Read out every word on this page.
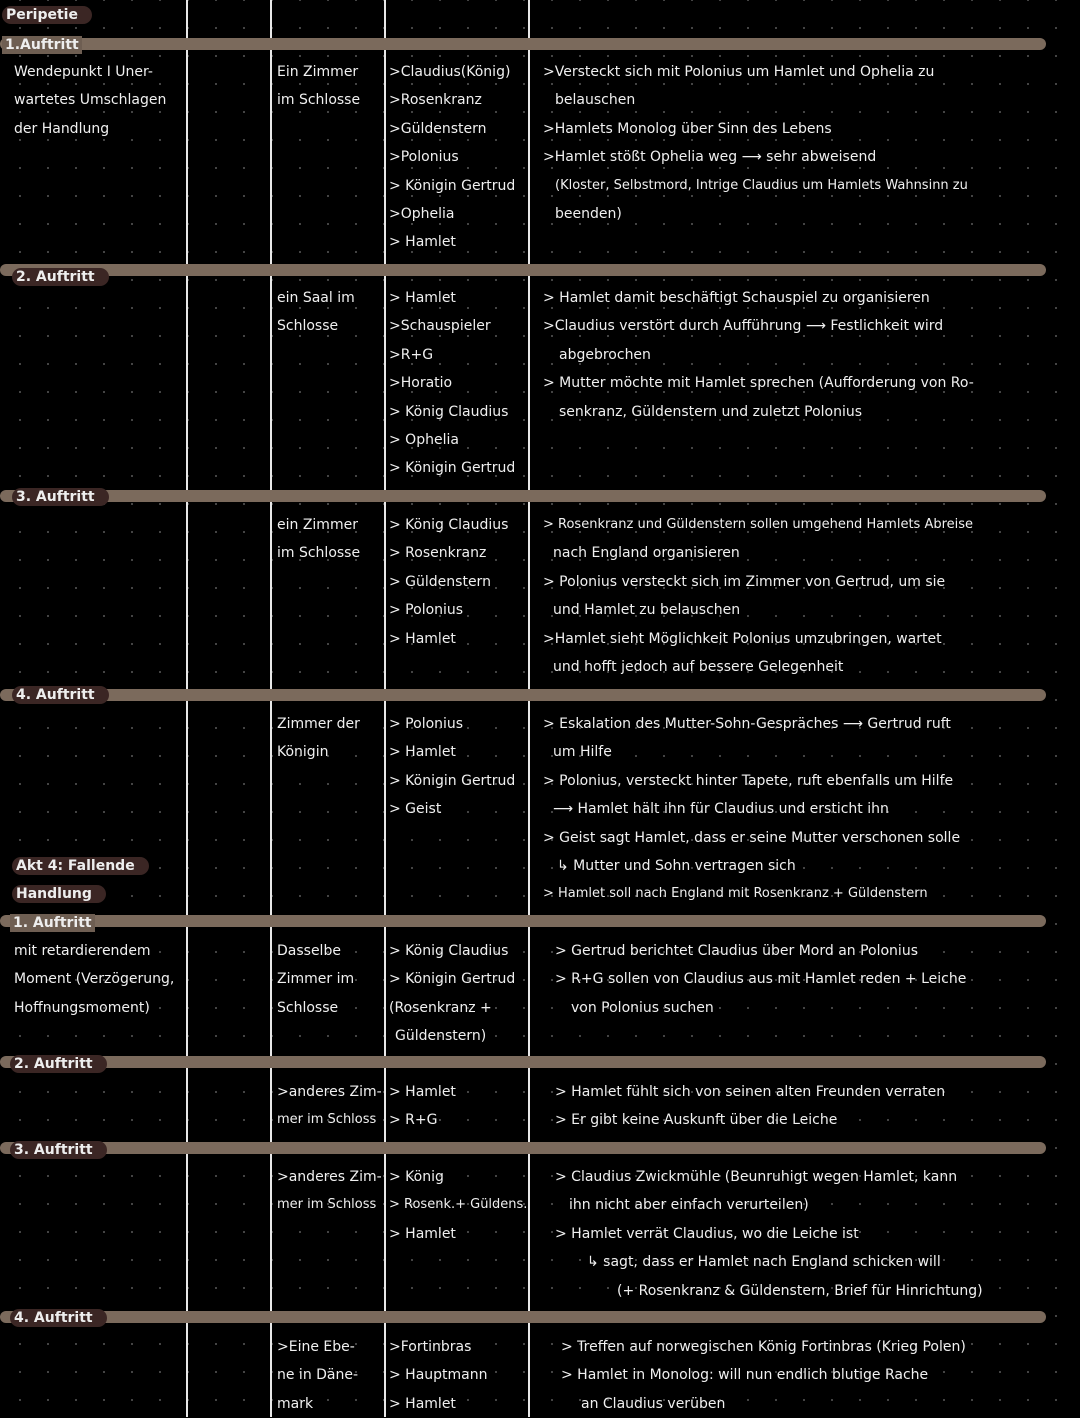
Peripetie
1.Auftritt
2. Auftritt
3. Auftritt
4. Auftritt
1. Auftritt
2. Auftritt
3. Auftritt
4. Auftritt
Akt 4: Fallende
Handlung
Wendepunkt I Uner-
wartetes Umschlagen
der Handlung
Ein Zimmer
im Schlosse
>Claudius(König)
>Rosenkranz
>Güldenstern
>Polonius
> Königin Gertrud
>Ophelia
> Hamlet
>Versteckt sich mit Polonius um Hamlet und Ophelia zu
belauschen
>Hamlets Monolog über Sinn des Lebens
>Hamlet stößt Ophelia weg ⟶ sehr abweisend
(Kloster, Selbstmord, Intrige Claudius um Hamlets Wahnsinn zu
beenden)
ein Saal im
Schlosse
> Hamlet
>Schauspieler
>R+G
>Horatio
> König Claudius
> Ophelia
> Königin Gertrud
> Hamlet damit beschäftigt Schauspiel zu organisieren
>Claudius verstört durch Aufführung ⟶ Festlichkeit wird
abgebrochen
> Mutter möchte mit Hamlet sprechen (Aufforderung von Ro-
senkranz, Güldenstern und zuletzt Polonius
ein Zimmer
im Schlosse
> König Claudius
> Rosenkranz
> Güldenstern
> Polonius
> Hamlet
> Rosenkranz und Güldenstern sollen umgehend Hamlets Abreise
nach England organisieren
> Polonius versteckt sich im Zimmer von Gertrud, um sie
und Hamlet zu belauschen
>Hamlet sieht Möglichkeit Polonius umzubringen, wartet
und hofft jedoch auf bessere Gelegenheit
Zimmer der
Königin
> Polonius
> Hamlet
> Königin Gertrud
> Geist
> Eskalation des Mutter-Sohn-Gespräches ⟶ Gertrud ruft
um Hilfe
> Polonius, versteckt hinter Tapete, ruft ebenfalls um Hilfe
⟶ Hamlet hält ihn für Claudius und ersticht ihn
> Geist sagt Hamlet, dass er seine Mutter verschonen solle
↳ Mutter und Sohn vertragen sich
> Hamlet soll nach England mit Rosenkranz + Güldenstern
mit retardierendem
Moment (Verzögerung,
Hoffnungsmoment)
Dasselbe
Zimmer im
Schlosse
> König Claudius
> Königin Gertrud
(Rosenkranz +
Güldenstern)
> Gertrud berichtet Claudius über Mord an Polonius
> R+G sollen von Claudius aus mit Hamlet reden + Leiche
von Polonius suchen
>anderes Zim-
mer im Schloss
> Hamlet
> R+G
> Hamlet fühlt sich von seinen alten Freunden verraten
> Er gibt keine Auskunft über die Leiche
>anderes Zim-
mer im Schloss
> König
> Rosenk.+ Güldens.
> Hamlet
> Claudius Zwickmühle (Beunruhigt wegen Hamlet, kann
ihn nicht aber einfach verurteilen)
> Hamlet verrät Claudius, wo die Leiche ist
↳ sagt, dass er Hamlet nach England schicken will
(+ Rosenkranz & Güldenstern, Brief für Hinrichtung)
>Eine Ebe-
ne in Däne-
mark
>Fortinbras
> Hauptmann
> Hamlet
> Treffen auf norwegischen König Fortinbras (Krieg Polen)
> Hamlet in Monolog: will nun endlich blutige Rache
an Claudius verüben
